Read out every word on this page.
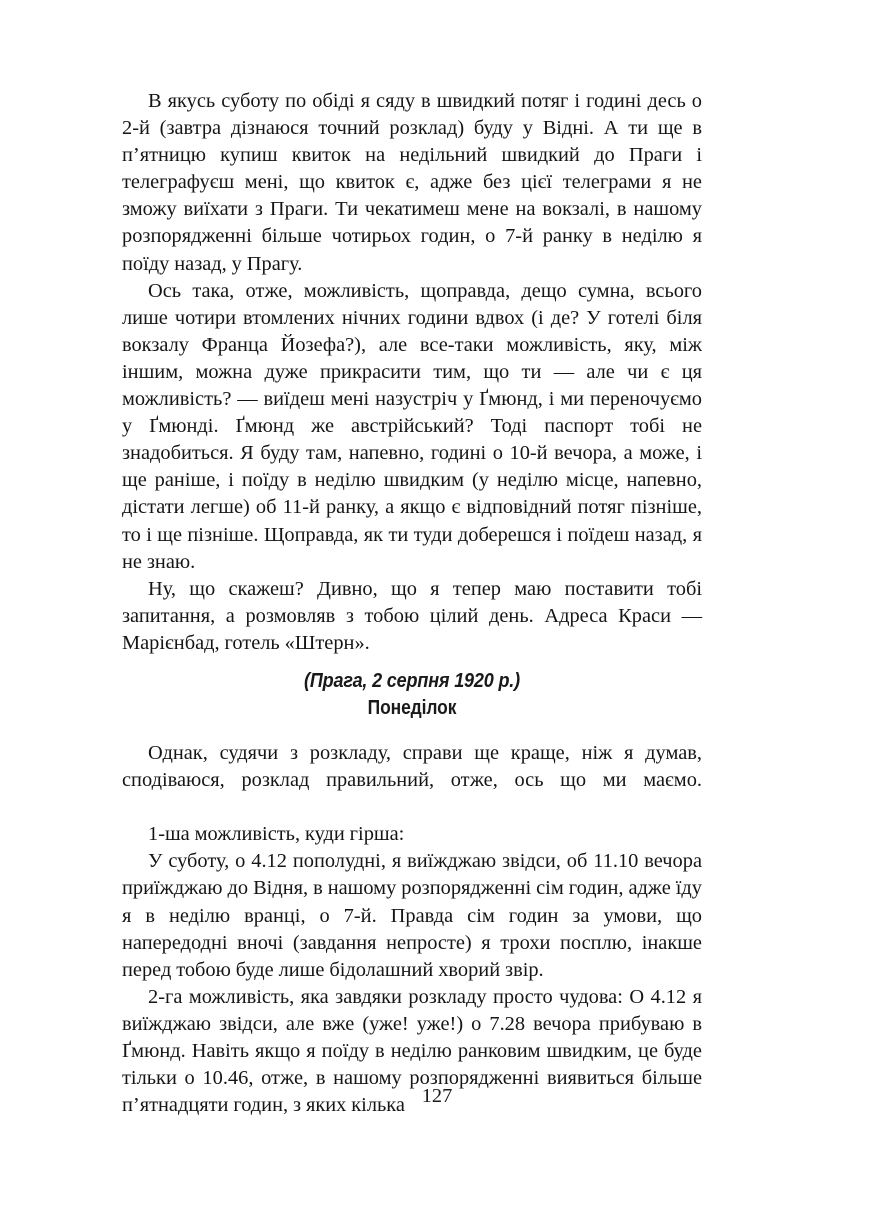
В якусь суботу по обіді я сяду в швидкий потяг і годині десь о 2-й (завтра дізнаюся точний розклад) буду у Відні. А ти ще в п’ятницю купиш квиток на недільний швидкий до Праги і телеграфуєш мені, що квиток є, адже без цієї телеграми я не зможу виїхати з Праги. Ти чекатимеш мене на вокзалі, в нашому розпорядженні більше чотирьох годин, о 7-й ранку в неділю я поїду назад, у Прагу.

Ось така, отже, можливість, щоправда, дещо сумна, всього лише чотири втомлених нічних години вдвох (і де? У готелі біля вокзалу Франца Йозефа?), але все-таки можливість, яку, між іншим, можна дуже прикрасити тим, що ти — але чи є ця можливість? — виїдеш мені назустріч у Ґмюнд, і ми переночуємо у Ґмюнді. Ґмюнд же австрійський? Тоді паспорт тобі не знадобиться. Я буду там, напевно, годині о 10-й вечора, а може, і ще раніше, і поїду в неділю швидким (у неділю місце, напевно, дістати легше) об 11-й ранку, а якщо є відповідний потяг пізніше, то і ще пізніше. Щоправда, як ти туди доберешся і поїдеш назад, я не знаю.

Ну, що скажеш? Дивно, що я тепер маю поставити тобі запитання, а розмовляв з тобою цілий день. Адреса Краси — Марієнбад, готель «Штерн».

(Прага, 2 серпня 1920 р.)
Понеділок

Однак, судячи з розкладу, справи ще краще, ніж я думав, сподіваюся, розклад правильний, отже, ось що ми маємо.

1-ша можливість, куди гірша:

У суботу, о 4.12 пополудні, я виїжджаю звідси, об 11.10 вечора приїжджаю до Відня, в нашому розпорядженні сім годин, адже їду я в неділю вранці, о 7-й. Правда сім годин за умови, що напередодні вночі (завдання непросте) я трохи посплю, інакше перед тобою буде лише бідолашний хворий звір.

2-га можливість, яка завдяки розкладу просто чудова: О 4.12 я виїжджаю звідси, але вже (уже! уже!) о 7.28 вечора прибуваю в Ґмюнд. Навіть якщо я поїду в неділю ранковим швидким, це буде тільки о 10.46, отже, в нашому розпорядженні виявиться більше п’ятнадцяти годин, з яких кілька 127
